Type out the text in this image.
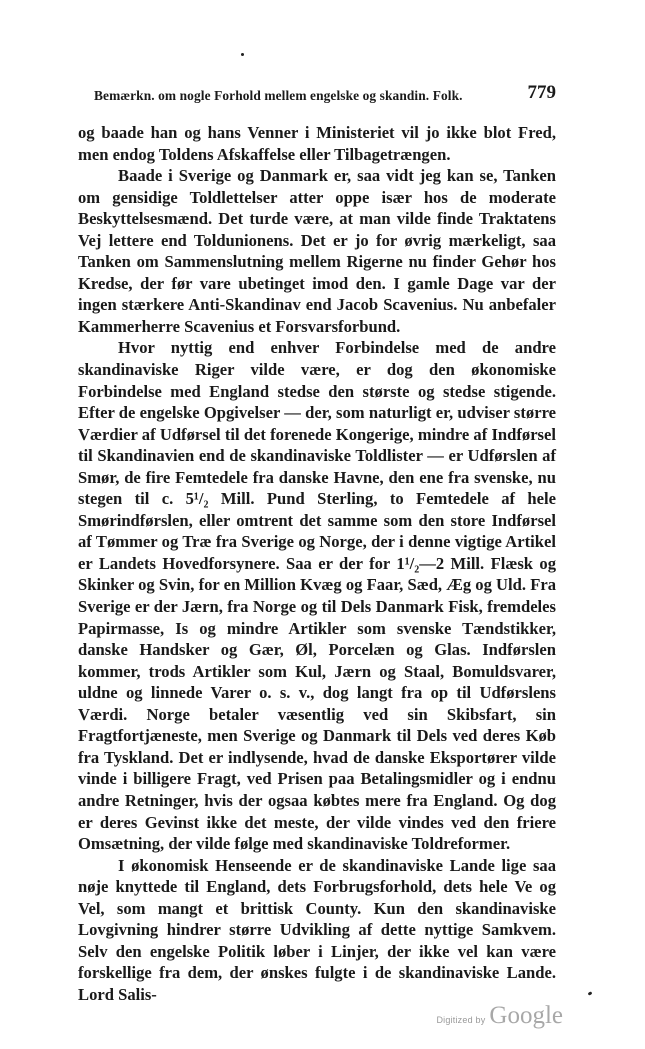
Bemærkn. om nogle Forhold mellem engelske og skandin. Folk.	779

og baade han og hans Venner i Ministeriet vil jo ikke blot Fred, men endog Toldens Afskaffelse eller Tilbagetrængen.

Baade i Sverige og Danmark er, saa vidt jeg kan se, Tanken om gensidige Toldlettelser atter oppe især hos de moderate Beskyttelsesmænd. Det turde være, at man vilde finde Traktatens Vej lettere end Toldunionens. Det er jo for øvrig mærkeligt, saa Tanken om Sammenslutning mellem Rigerne nu finder Gehør hos Kredse, der før vare ubetinget imod den. I gamle Dage var der ingen stærkere Anti-Skandinav end Jacob Scavenius. Nu anbefaler Kammerherre Scavenius et Forsvarsforbund.

Hvor nyttig end enhver Forbindelse med de andre skandinaviske Riger vilde være, er dog den økonomiske Forbindelse med England stedse den største og stedse stigende. Efter de engelske Opgivelser — der, som naturligt er, udviser større Værdier af Udførsel til det forenede Kongerige, mindre af Indførsel til Skandinavien end de skandinaviske Toldlister — er Udførslen af Smør, de fire Femtedele fra danske Havne, den ene fra svenske, nu stegen til c. 5¹/₂ Mill. Pund Sterling, to Femtedele af hele Smørindførslen, eller omtrent det samme som den store Indførsel af Tømmer og Træ fra Sverige og Norge, der i denne vigtige Artikel er Landets Hovedforsynere. Saa er der for 1¹/₂—2 Mill. Flæsk og Skinker og Svin, for en Million Kvæg og Faar, Sæd, Æg og Uld. Fra Sverige er der Jærn, fra Norge og til Dels Danmark Fisk, fremdeles Papirmasse, Is og mindre Artikler som svenske Tændstikker, danske Handsker og Gær, Øl, Porcelæn og Glas. Indførslen kommer, trods Artikler som Kul, Jærn og Staal, Bomuldsvarer, uldne og linnede Varer o. s. v., dog langt fra op til Udførslens Værdi. Norge betaler væsentlig ved sin Skibsfart, sin Fragtfortjæneste, men Sverige og Danmark til Dels ved deres Køb fra Tyskland. Det er indlysende, hvad de danske Eksportører vilde vinde i billigere Fragt, ved Prisen paa Betalingsmidler og i endnu andre Retninger, hvis der ogsaa købtes mere fra England. Og dog er deres Gevinst ikke det meste, der vilde vindes ved den friere Omsætning, der vilde følge med skandinaviske Toldreformer.

I økonomisk Henseende er de skandinaviske Lande lige saa nøje knyttede til England, dets Forbrugsforhold, dets hele Ve og Vel, som mangt et brittisk County. Kun den skandinaviske Lovgivning hindrer større Udvikling af dette nyttige Samkvem. Selv den engelske Politik løber i Linjer, der ikke vel kan være forskellige fra dem, der ønskes fulgte i de skandinaviske Lande. Lord Salis-

Digitized by Google
